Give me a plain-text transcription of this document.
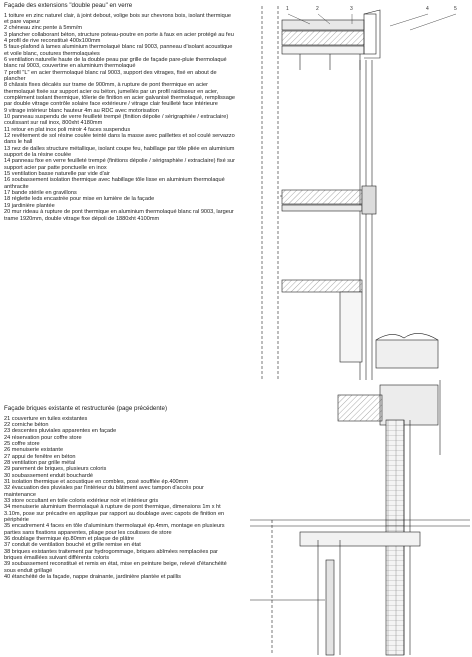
1	2	3	4	5
Façade des extensions "double peau" en verre
1 toiture en zinc naturel clair, à joint debout, volige bois sur chevrons bois, isolant thermique et pare vapeur
2 chéneau zinc pente à 5mm/m
3 plancher collaborant béton, structure poteau-poutre en porte à faux en acier protégé au feu
4 profil de rive reconstitué 400x100mm
5 faux-plafond à lames aluminium thermolaqué blanc ral 9003, panneau d'isolant acoustique et voile blanc, coutures thermolaquées
6 ventilation naturelle haute de la double peau par grille de façade pare-pluie thermolaqué blanc ral 9003, couvertine en aluminium thermolaqué
7 profil "L" en acier thermolaqué blanc ral 9003, support des vitrages, fixé en about de plancher
8 châssis fixes décalés sur trame de 900mm, à rupture de pont thermique en acier thermolaqué fixée sur support acier ou béton, jumellés par un profil raidisseur en acier, complément isolant thermique, tôlerie de finition en acier galvanisé thermolaqué, remplissage par double vitrage contrôle solaire face extérieure / vitrage clair feuilleté face intérieure
9 vitrage intérieur blanc hauteur 4m au RDC avec motorisation
10 panneau suspendu de verre feuilleté trempé (finition dépolie / sérigraphiée / extraclaire) coulissant sur rail inox, 800xht 4180mm
11 retour en plat inox poli miroir 4 faces suspendus
12 revêtement de sol résine coulée teinté dans la masse avec paillettes et sol coulé servazzo dans le hall
13 nez de dalles structure métallique, isolant coupe feu, habillage par tôle pliée en aluminium support de la résine coulée
14 panneau fixe en verre feuilleté trempé (finitions dépolie / sérigraphiée / extraclaire) fixé sur support acier par patte ponctuelle en inox
15 ventilation basse naturelle par vide d'air
16 soubassement isolation thermique avec habillage tôle lisse en aluminium thermolaqué anthracite
17 bande stérile en gravillons
18 réglette leds encastrée pour mise en lumière de la façade
19 jardinière plantée
20 mur rideau à rupture de pont thermique en aluminium thermolaqué blanc ral 9003, largeur trame 1920mm, double vitrage fixe dépoli de 1880xht 4100mm
Façade briques existante et restructurée (page précédente)
21 couverture en tuiles existantes
22 corniche béton
23 descentes pluviales apparentes en façade
24 réservation pour coffre store
25 coffre store
26 menuiserie existante
27 appui de fenêtre en béton
28 ventilation par grille métal
29 parement de briques, plusieurs coloris
30 soubassement enduit bouchardé
31 isolation thermique et acoustique en combles, posé soufflée ép.400mm
32 évacuation des pluviales par l'intérieur du bâtiment avec tampon d'accès pour maintenance
33 store occultant en toile coloris extérieur noir et intérieur gris
34 menuiserie aluminium thermolaqué à rupture de pont thermique, dimensions 1m x ht 3.10m, pose sur précadre en applique par rapport au doublage avec capots de finition en périphérie
35 encadrement 4 faces en tôle d'aluminium thermolaqué ép.4mm, montage en plusieurs parties sans fixations apparentes, pliage pour les coulisses de store
36 doublage thermique ép.80mm et plaque de plâtre
37 conduit de ventilation bouché et grille remise en état
38 briques existantes traitement par hydrogommage, briques abîmées remplacées par briques émaillées suivant différents coloris
39 soubassement reconstitué et remis en état, mise en peinture beige, relevé d'étanchéité sous enduit grillagé
40 étanchéité de la façade, nappe drainante, jardinière plantée et paillis
